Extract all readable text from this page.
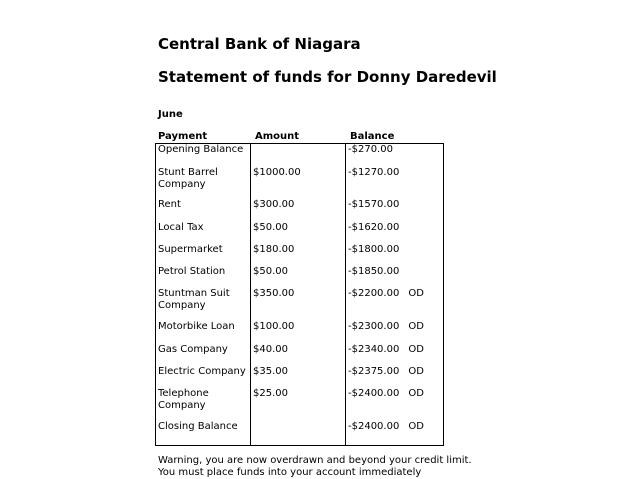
Central Bank of Niagara
Statement of funds for Donny Daredevil
June
Payment	Amount	Balance
Opening Balance		-$270.00
Stunt Barrel Company	$1000.00	-$1270.00
Rent	$300.00	-$1570.00
Local Tax	$50.00	-$1620.00
Supermarket	$180.00	-$1800.00
Petrol Station	$50.00	-$1850.00
Stuntman Suit Company	$350.00	-$2200.00 OD
Motorbike Loan	$100.00	-$2300.00 OD
Gas Company	$40.00	-$2340.00 OD
Electric Company	$35.00	-$2375.00 OD
Telephone Company	$25.00	-$2400.00 OD
Closing Balance		-$2400.00 OD
Warning, you are now overdrawn and beyond your credit limit. You must place funds into your account immediately
